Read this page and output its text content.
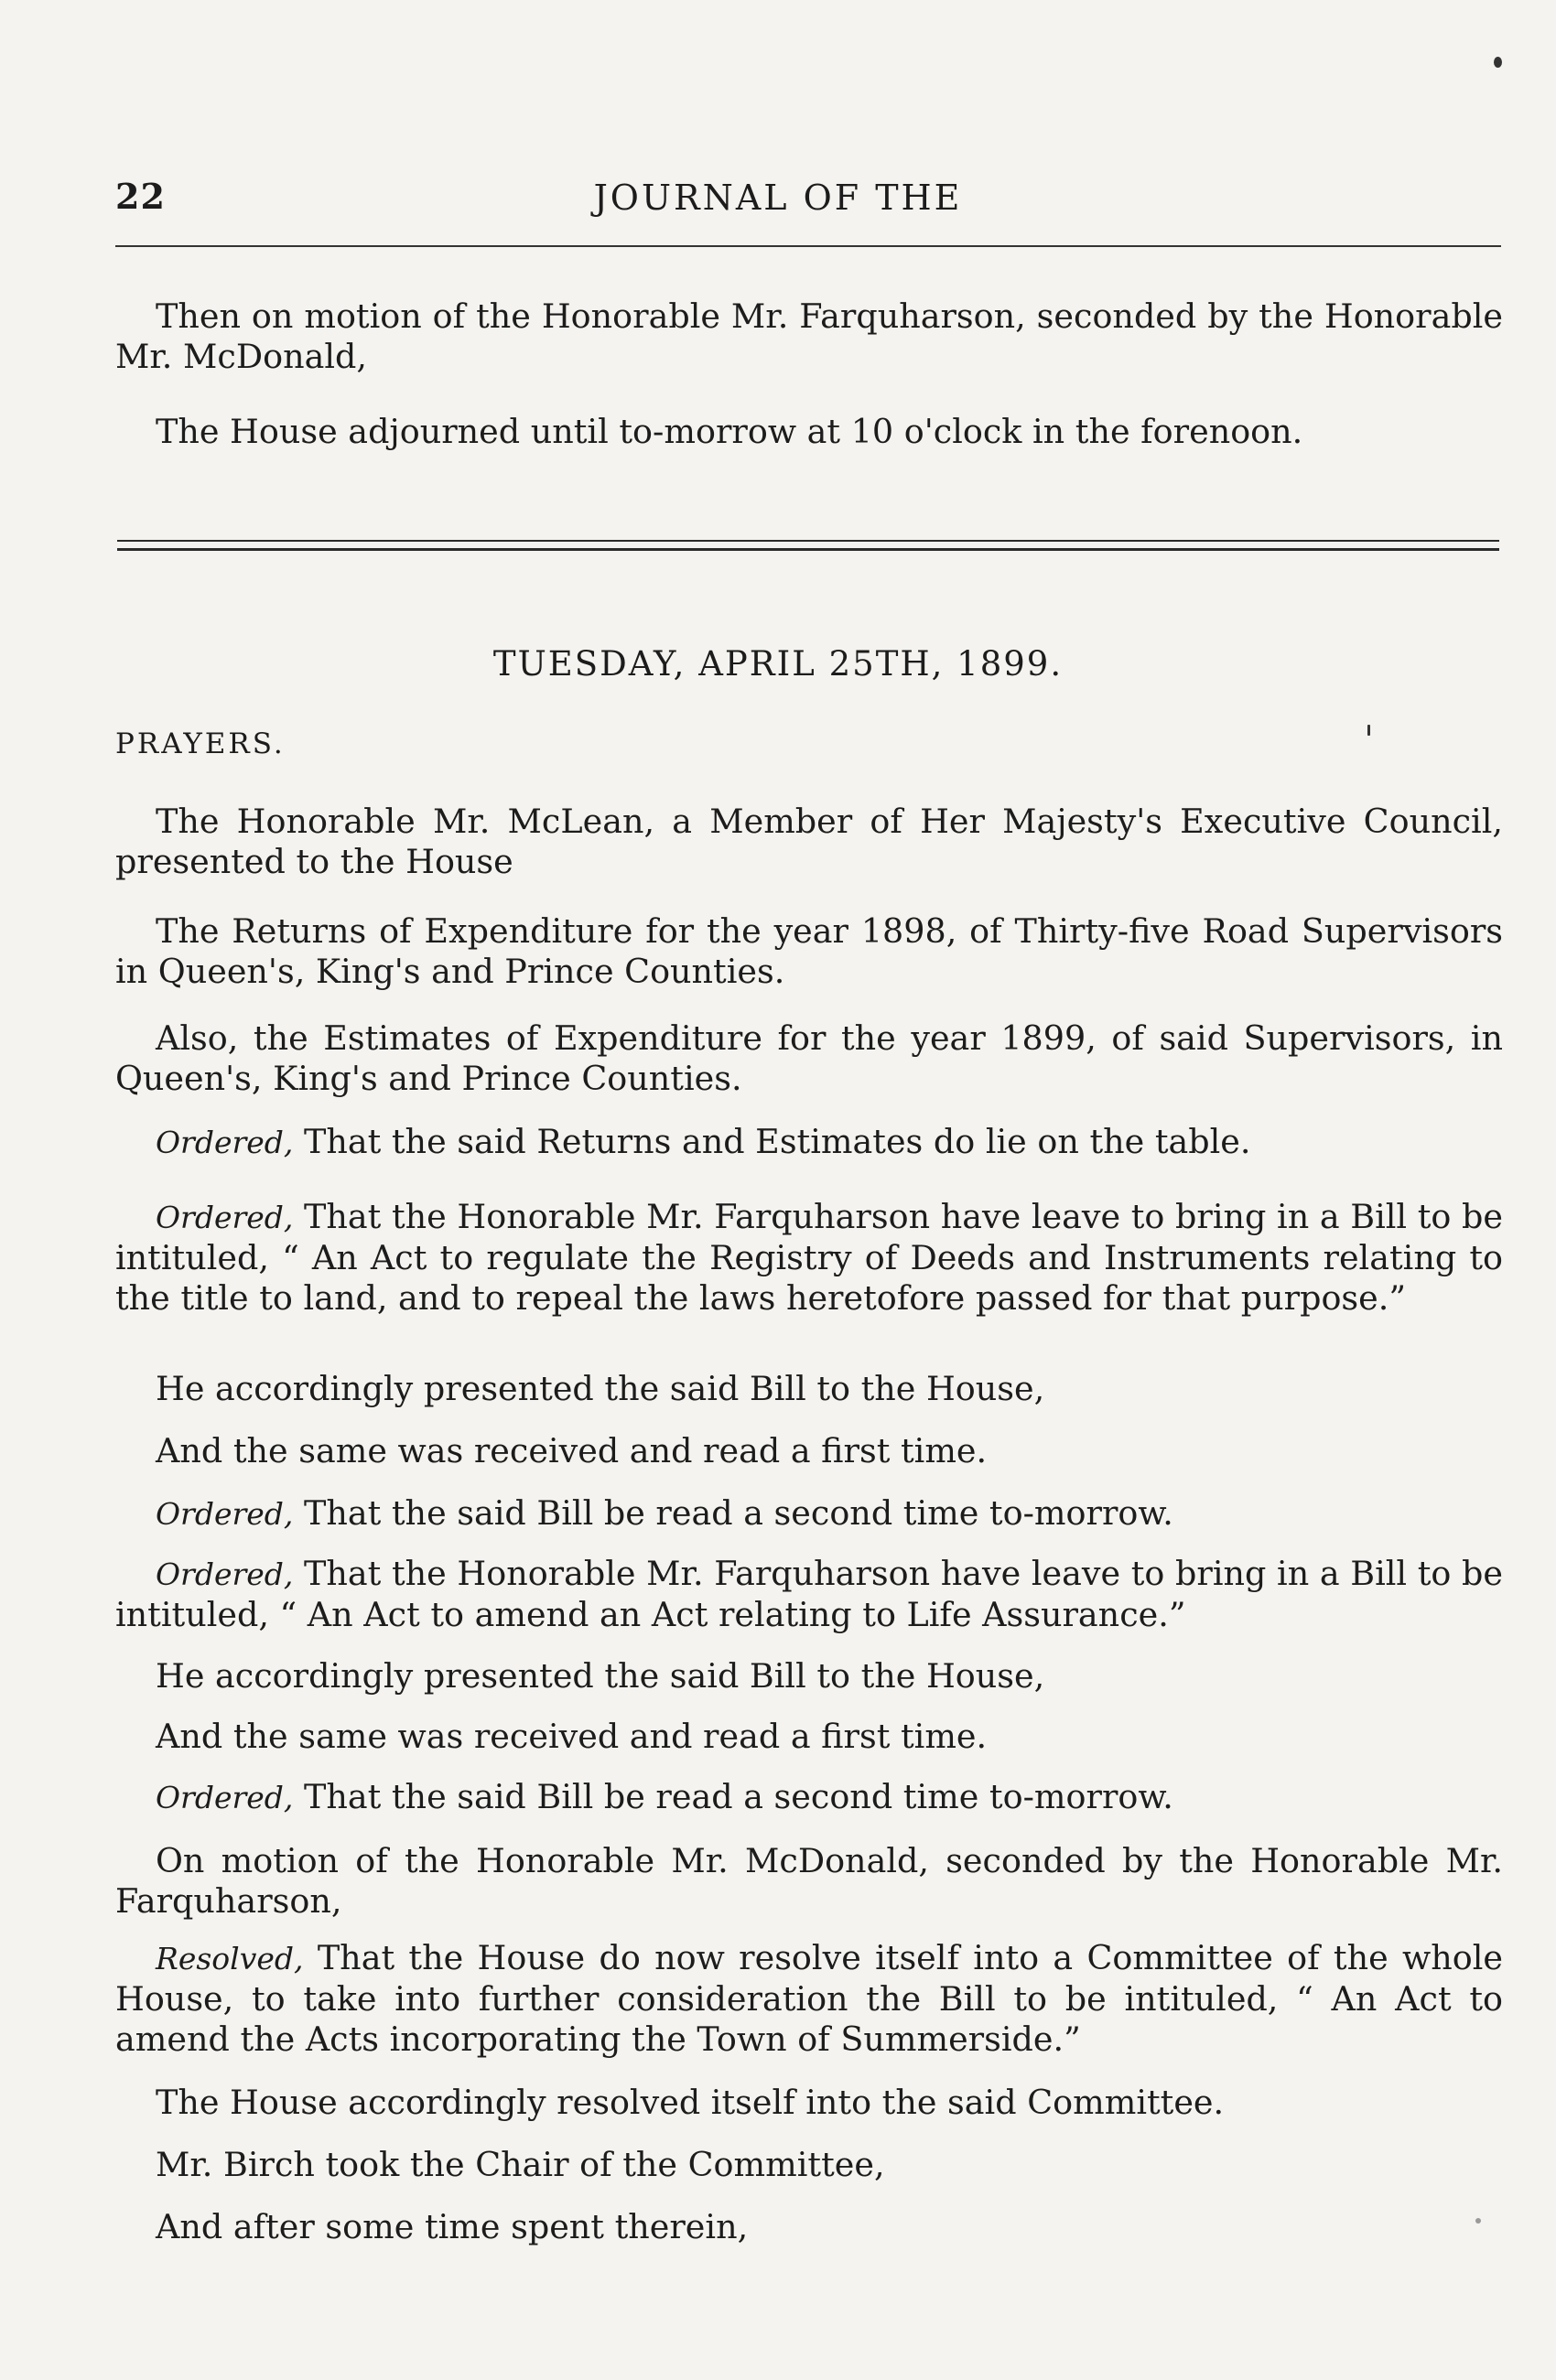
22	JOURNAL OF THE

Then on motion of the Honorable Mr. Farquharson, seconded by the Honorable Mr. McDonald,

The House adjourned until to-morrow at 10 o'clock in the forenoon.

TUESDAY, APRIL 25TH, 1899.
PRAYERS.

The Honorable Mr. McLean, a Member of Her Majesty's Executive Council, presented to the House

The Returns of Expenditure for the year 1898, of Thirty-five Road Supervisors in Queen's, King's and Prince Counties.

Also, the Estimates of Expenditure for the year 1899, of said Supervisors, in Queen's, King's and Prince Counties.

Ordered, That the said Returns and Estimates do lie on the table.

Ordered, That the Honorable Mr. Farquharson have leave to bring in a Bill to be intituled, “ An Act to regulate the Registry of Deeds and Instruments relating to the title to land, and to repeal the laws heretofore passed for that purpose.”

He accordingly presented the said Bill to the House,

And the same was received and read a first time.

Ordered, That the said Bill be read a second time to-morrow.

Ordered, That the Honorable Mr. Farquharson have leave to bring in a Bill to be intituled, “ An Act to amend an Act relating to Life Assurance.”

He accordingly presented the said Bill to the House,

And the same was received and read a first time.

Ordered, That the said Bill be read a second time to-morrow.

On motion of the Honorable Mr. McDonald, seconded by the Honorable Mr. Farquharson,

Resolved, That the House do now resolve itself into a Committee of the whole House, to take into further consideration the Bill to be intituled, “ An Act to amend the Acts incorporating the Town of Summerside.”

The House accordingly resolved itself into the said Committee.

Mr. Birch took the Chair of the Committee,

And after some time spent therein,
